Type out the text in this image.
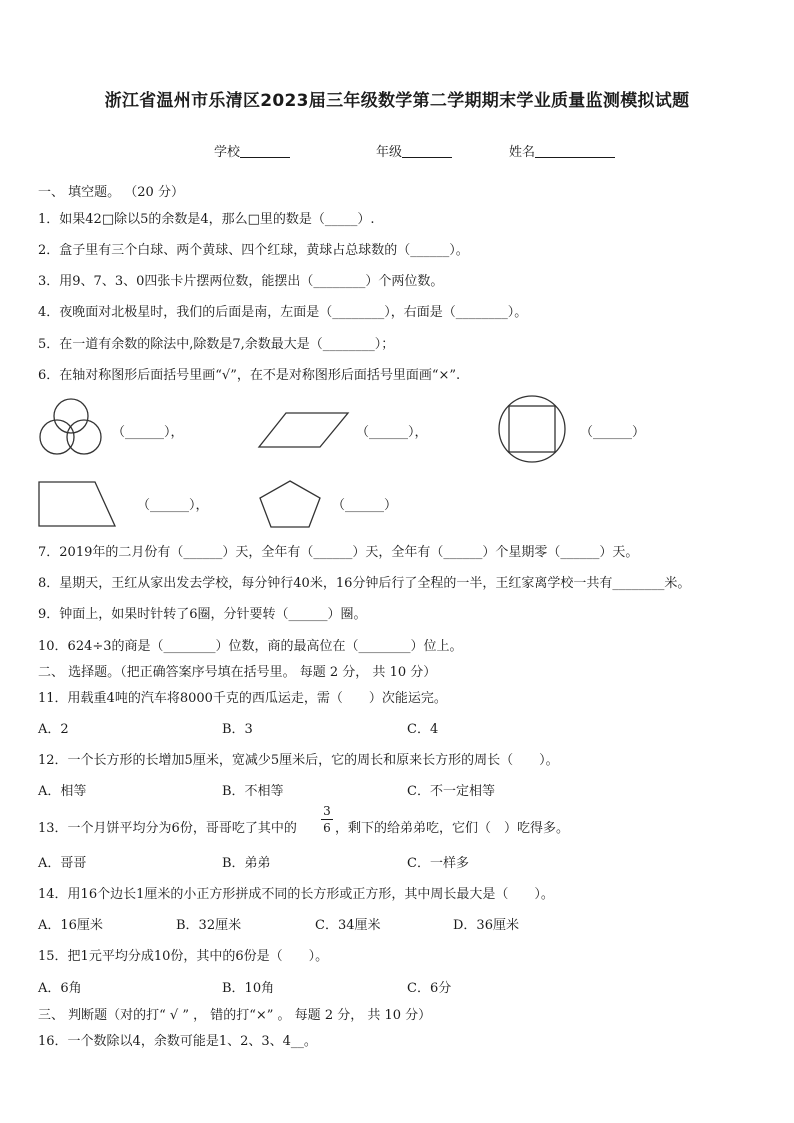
浙江省温州市乐清区2023届三年级数学第二学期期末学业质量监测模拟试题
学校	年级	姓名
一、 填空题。 （20 分）
1．如果42□除以5的余数是4，那么□里的数是（_____）.
2．盒子里有三个白球、两个黄球、四个红球，黄球占总球数的（______）。
3．用9、7、3、0四张卡片摆两位数，能摆出（________）个两位数。
4．夜晚面对北极星时，我们的后面是南，左面是（________），右面是（________）。
5．在一道有余数的除法中,除数是7,余数最大是（________）；
6．在轴对称图形后面括号里画“√”，在不是对称图形后面括号里面画“×”.
（______），	（______），	（______）
（______），	（______）
7．2019年的二月份有（______）天，全年有（______）天，全年有（______）个星期零（______）天。
8．星期天，王红从家出发去学校，每分钟行40米，16分钟后行了全程的一半，王红家离学校一共有________米。
9．钟面上，如果时针转了6圈，分针要转（______）圈。
10．624÷3的商是（________）位数，商的最高位在（________）位上。
二、 选择题。（把正确答案序号填在括号里。 每题 2 分， 共 10 分）
11．用载重4吨的汽车将8000千克的西瓜运走，需（　　）次能运完。
A．2	B．3	C．4
12．一个长方形的长增加5厘米，宽减少5厘米后，它的周长和原来长方形的周长（　　）。
A．相等	B．不相等	C．不一定相等
13．一个月饼平均分为6份，哥哥吃了其中的
3
6 ，剩下的给弟弟吃，它们（　）吃得多。
A．哥哥	B．弟弟	C．一样多
14．用16个边长1厘米的小正方形拼成不同的长方形或正方形，其中周长最大是（　　）。
A．16厘米	B．32厘米	C．34厘米	D．36厘米
15．把1元平均分成10份，其中的6份是（　　）。
A．6角	B．10角	C．6分
三、 判断题（对的打“ √ ” ， 错的打“×” 。 每题 2 分， 共 10 分）
16．一个数除以4，余数可能是1、2、3、4__。
